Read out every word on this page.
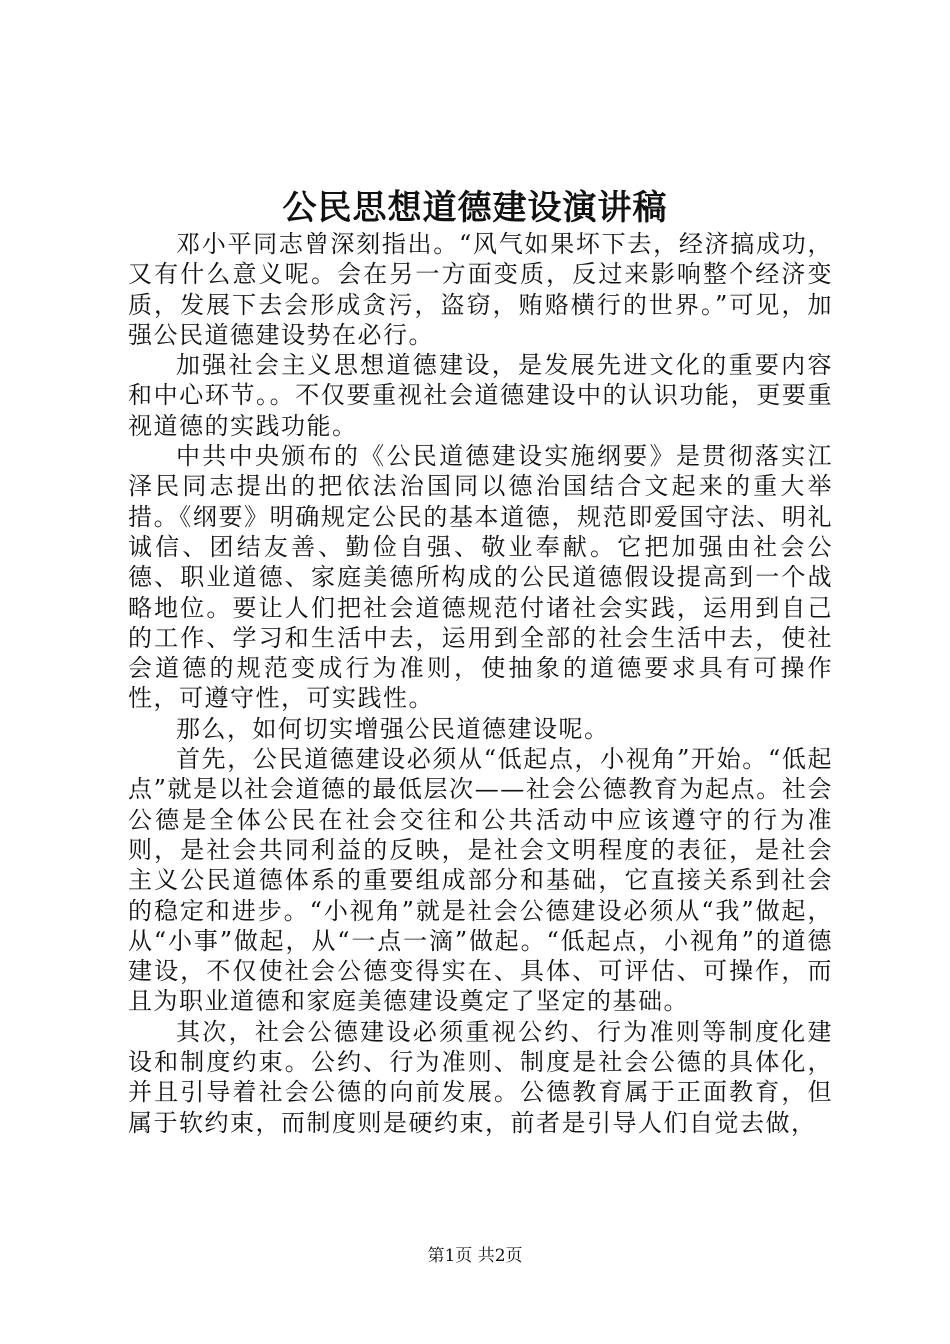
公民思想道德建设演讲稿

邓小平同志曾深刻指出。“风气如果坏下去，经济搞成功，又有什么意义呢。会在另一方面变质，反过来影响整个经济变质，发展下去会形成贪污，盗窃，贿赂横行的世界。”可见，加强公民道德建设势在必行。

加强社会主义思想道德建设，是发展先进文化的重要内容和中心环节。。不仅要重视社会道德建设中的认识功能，更要重视道德的实践功能。

中共中央颁布的《公民道德建设实施纲要》是贯彻落实江泽民同志提出的把依法治国同以德治国结合文起来的重大举措。《纲要》明确规定公民的基本道德，规范即爱国守法、明礼诚信、团结友善、勤俭自强、敬业奉献。它把加强由社会公德、职业道德、家庭美德所构成的公民道德假设提高到一个战略地位。要让人们把社会道德规范付诸社会实践，运用到自己的工作、学习和生活中去，运用到全部的社会生活中去，使社会道德的规范变成行为准则，使抽象的道德要求具有可操作性，可遵守性，可实践性。

那么，如何切实增强公民道德建设呢。

首先，公民道德建设必须从“低起点，小视角”开始。“低起点”就是以社会道德的最低层次——社会公德教育为起点。社会公德是全体公民在社会交往和公共活动中应该遵守的行为准则，是社会共同利益的反映，是社会文明程度的表征，是社会主义公民道德体系的重要组成部分和基础，它直接关系到社会的稳定和进步。“小视角”就是社会公德建设必须从“我”做起，从“小事”做起，从“一点一滴”做起。“低起点，小视角”的道德建设，不仅使社会公德变得实在、具体、可评估、可操作，而且为职业道德和家庭美德建设奠定了坚定的基础。

其次，社会公德建设必须重视公约、行为准则等制度化建设和制度约束。公约、行为准则、制度是社会公德的具体化，并且引导着社会公德的向前发展。公德教育属于正面教育，但属于软约束，而制度则是硬约束，前者是引导人们自觉去做，

第1页 共2页
